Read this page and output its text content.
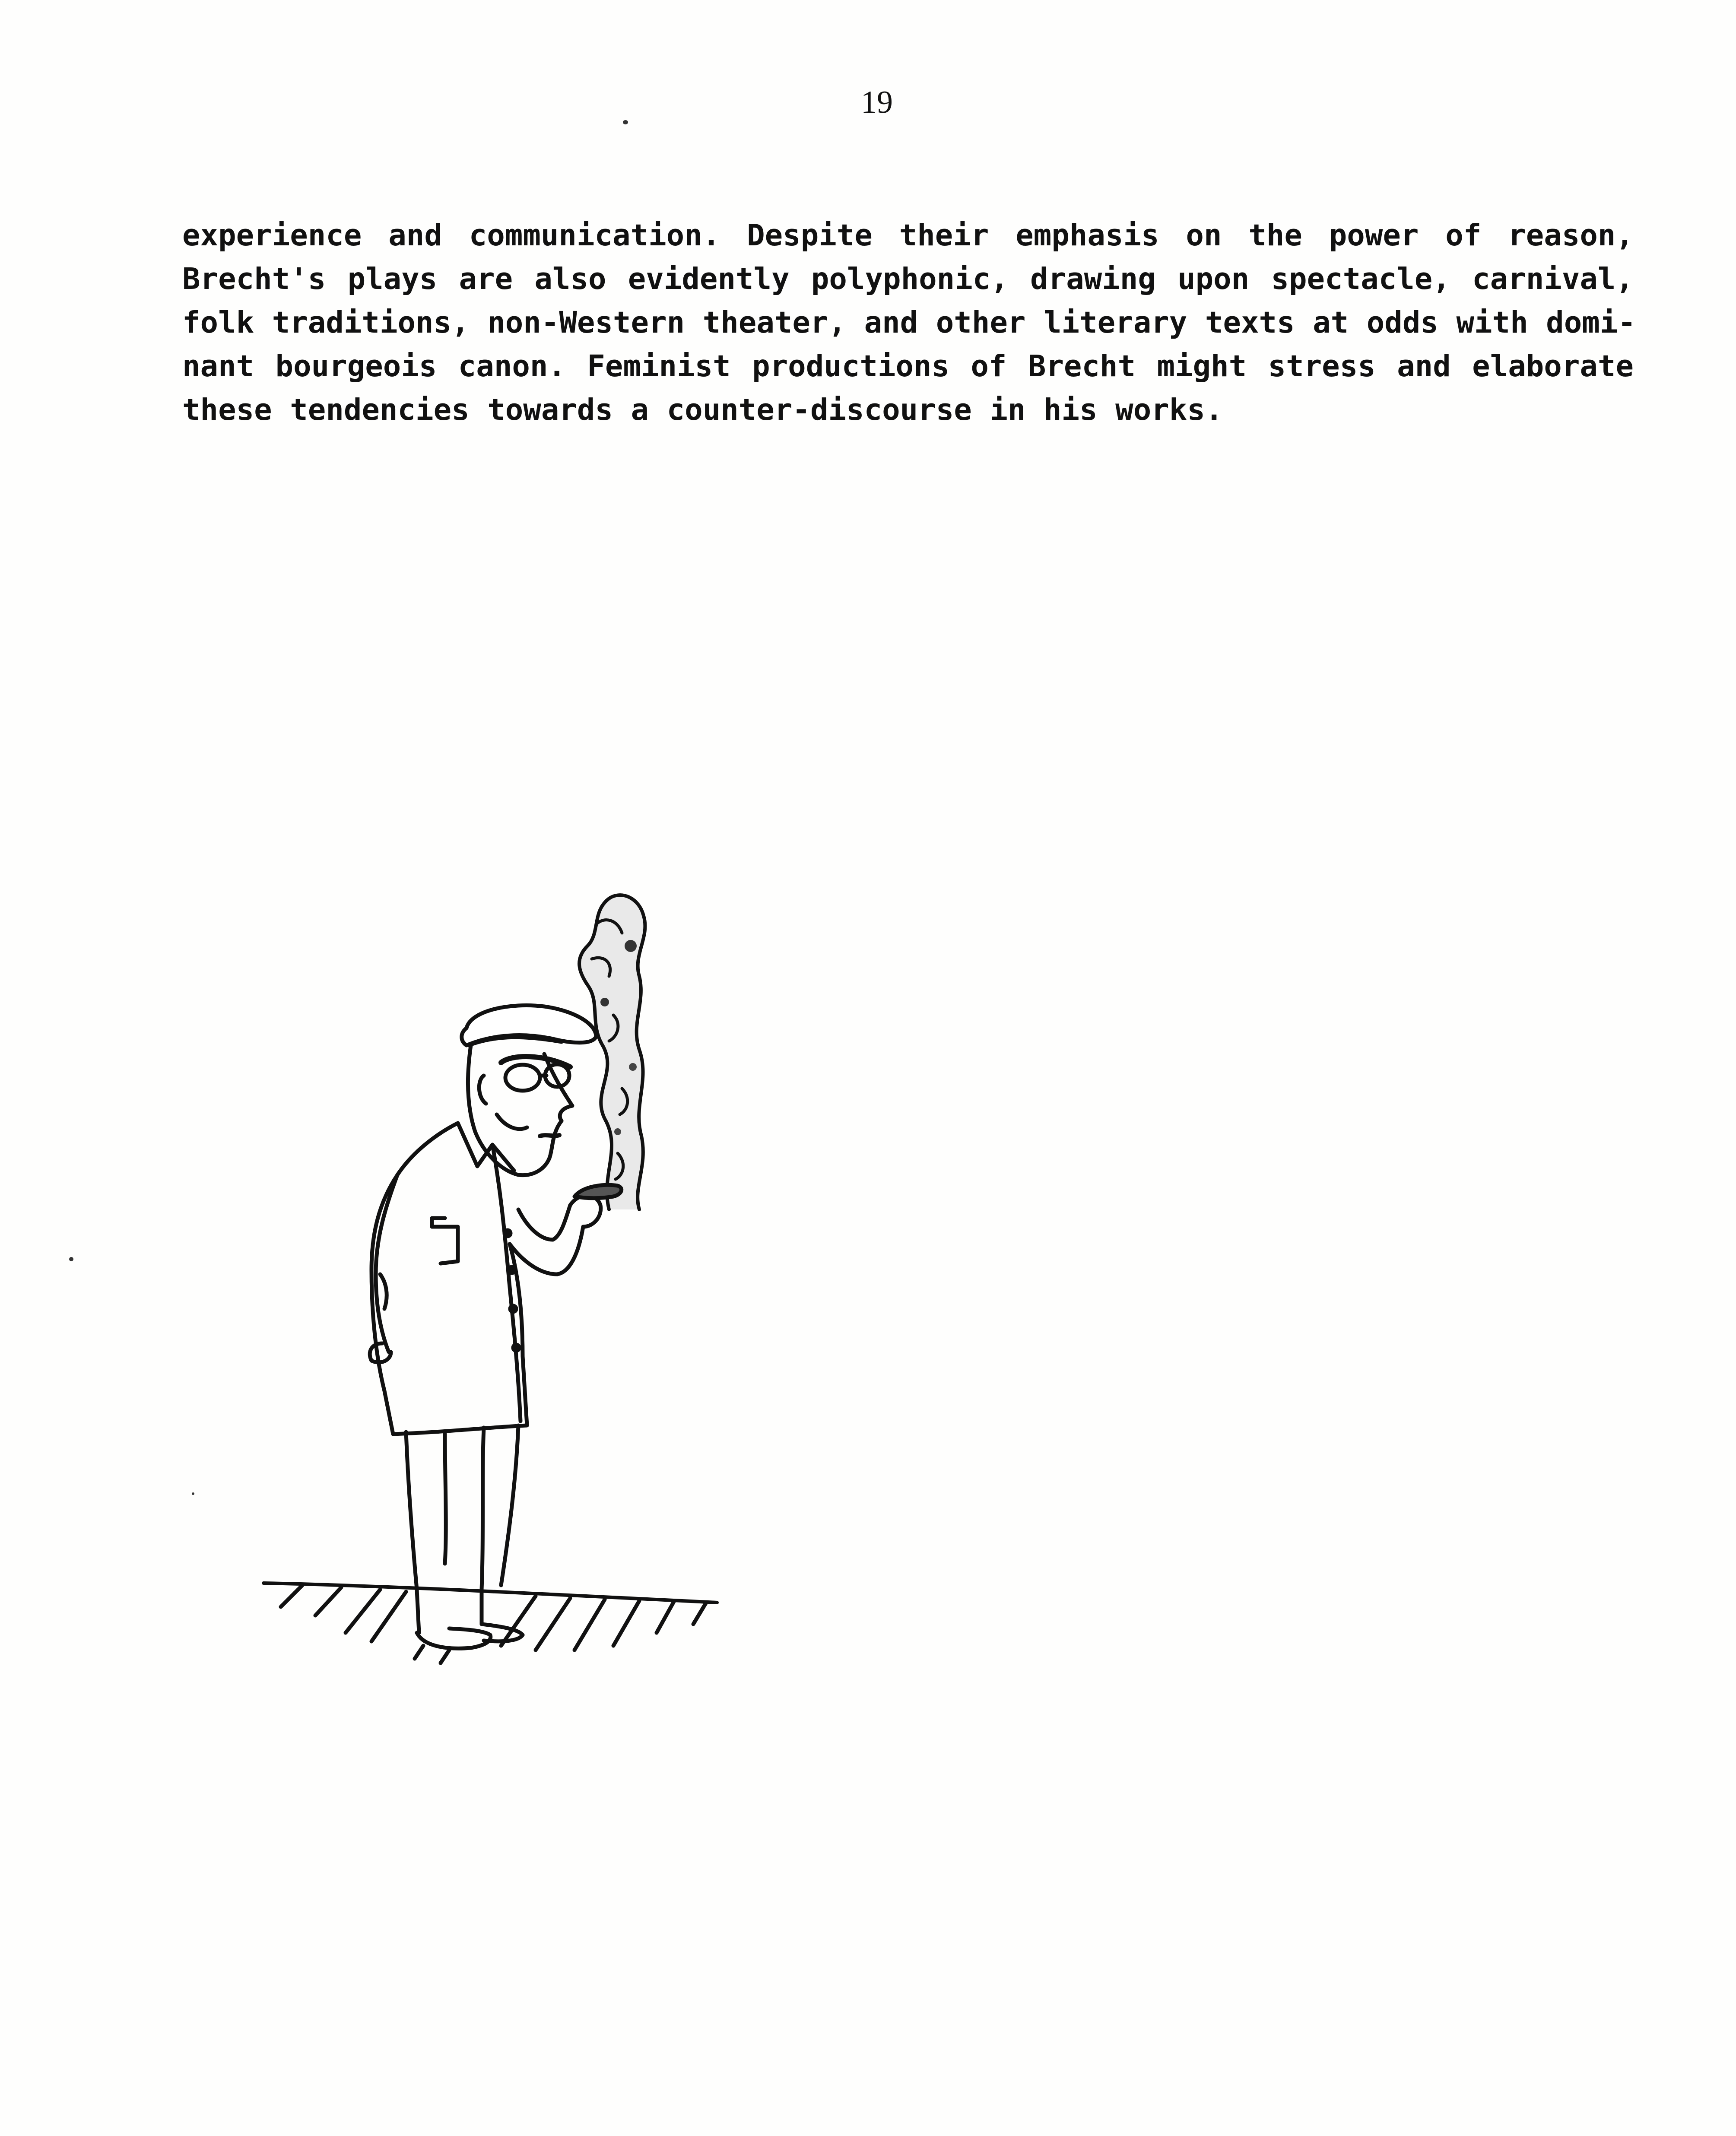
19
experience and communication. Despite their emphasis on the power of reason,
Brecht's plays are also evidently polyphonic, drawing upon spectacle, carnival,
folk traditions, non-Western theater, and other literary texts at odds with domi-
nant bourgeois canon. Feminist productions of Brecht might stress and elaborate
these tendencies towards a counter-discourse in his works.
